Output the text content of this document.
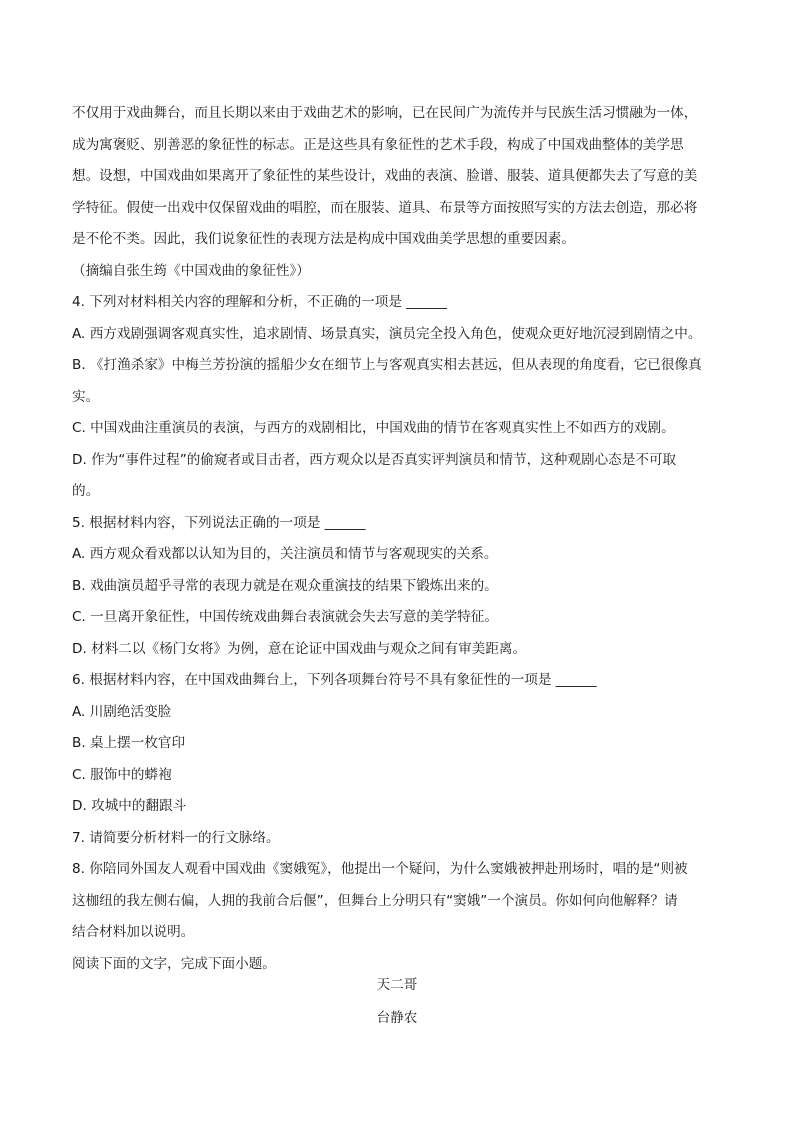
不仅用于戏曲舞台，而且长期以来由于戏曲艺术的影响，已在民间广为流传并与民族生活习惯融为一体，
成为寓褒贬、别善恶的象征性的标志。正是这些具有象征性的艺术手段，构成了中国戏曲整体的美学思
想。设想，中国戏曲如果离开了象征性的某些设计，戏曲的表演、脸谱、服装、道具便都失去了写意的美
学特征。假使一出戏中仅保留戏曲的唱腔，而在服装、道具、布景等方面按照写实的方法去创造，那必将
是不伦不类。因此，我们说象征性的表现方法是构成中国戏曲美学思想的重要因素。
（摘编自张生筠《中国戏曲的象征性》）
4. 下列对材料相关内容的理解和分析，不正确的一项是 ______
A. 西方戏剧强调客观真实性，追求剧情、场景真实，演员完全投入角色，使观众更好地沉浸到剧情之中。
B. 《打渔杀家》中梅兰芳扮演的摇船少女在细节上与客观真实相去甚远，但从表现的角度看，它已很像真
实。
C. 中国戏曲注重演员的表演，与西方的戏剧相比，中国戏曲的情节在客观真实性上不如西方的戏剧。
D. 作为“事件过程”的偷窥者或目击者，西方观众以是否真实评判演员和情节，这种观剧心态是不可取
的。
5. 根据材料内容，下列说法正确的一项是 ______
A. 西方观众看戏都以认知为目的，关注演员和情节与客观现实的关系。
B. 戏曲演员超乎寻常的表现力就是在观众重演技的结果下锻炼出来的。
C. 一旦离开象征性，中国传统戏曲舞台表演就会失去写意的美学特征。
D. 材料二以《杨门女将》为例，意在论证中国戏曲与观众之间有审美距离。
6. 根据材料内容，在中国戏曲舞台上，下列各项舞台符号不具有象征性的一项是 ______
A. 川剧绝活变脸
B. 桌上摆一枚官印
C. 服饰中的蟒袍
D. 攻城中的翻跟斗
7. 请简要分析材料一的行文脉络。
8. 你陪同外国友人观看中国戏曲《窦娥冤》，他提出一个疑问，为什么窦娥被押赴刑场时，唱的是“则被
这枷纽的我左侧右偏，人拥的我前合后偃”，但舞台上分明只有“窦娥”一个演员。你如何向他解释？请
结合材料加以说明。
阅读下面的文字，完成下面小题。
天二哥
台静农
